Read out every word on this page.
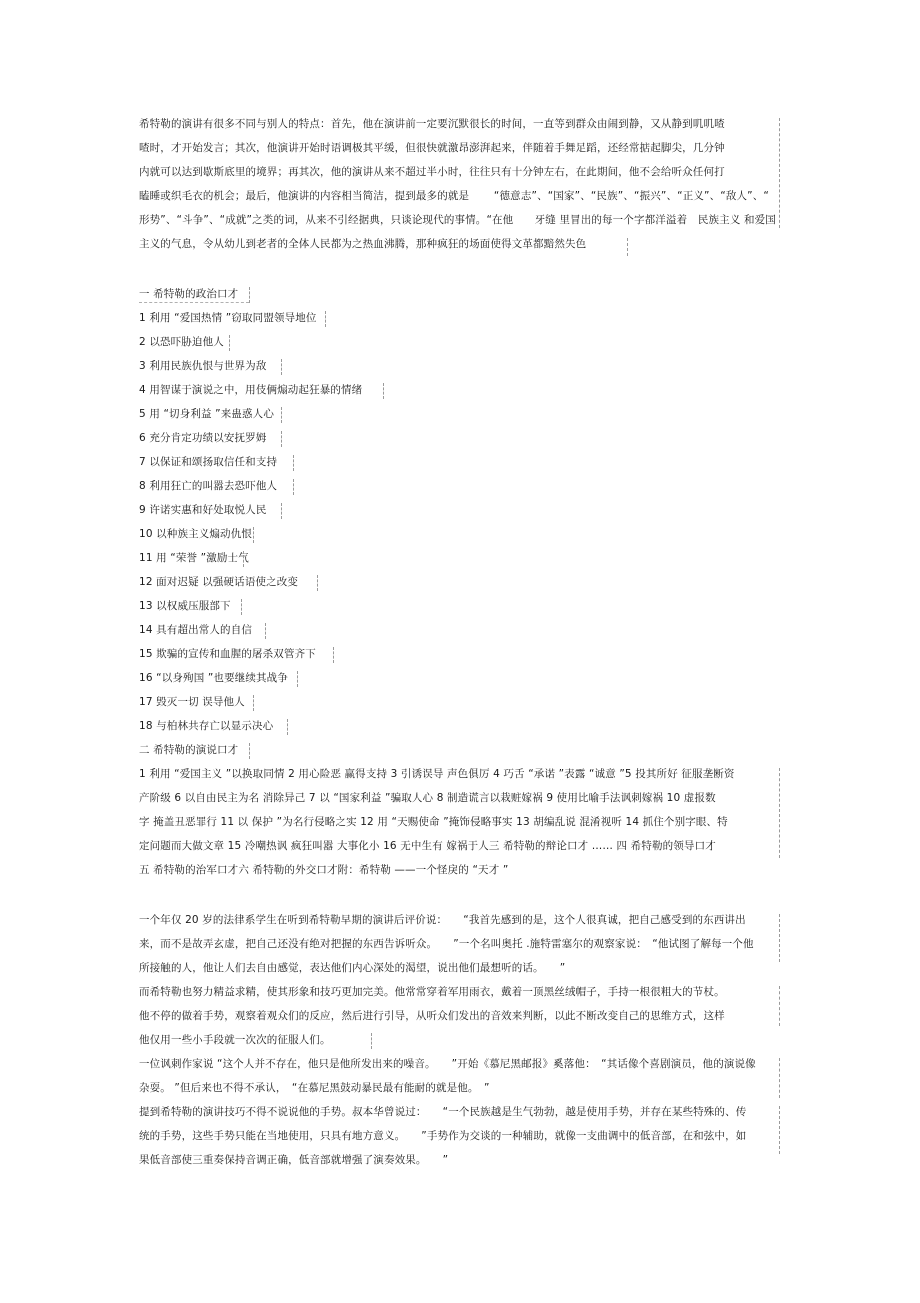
希特勒的演讲有很多不同与别人的特点：首先，他在演讲前一定要沉默很长的时间，一直等到群众由闹到静，又从静到叽叽喳
喳时，才开始发言；其次，他演讲开始时语调极其平缓，但很快就激昂澎湃起来，伴随着手舞足蹈，还经常掂起脚尖，几分钟
内就可以达到歇斯底里的境界；再其次，他的演讲从来不超过半小时，往往只有十分钟左右，在此期间，他不会给听众任何打
瞌睡或织毛衣的机会；最后，他演讲的内容相当简洁，提到最多的就是　　 “德意志”、“国家”、“民族”、“振兴”、“正义”、“敌人”、“
形势”、“斗争”、“成就”之类的词，从来不引经据典，只谈论现代的事情。“在他　　牙缝 里冒出的每一个字都洋溢着　民族主义 和爱国
主义的气息，令从幼儿到老者的全体人民都为之热血沸腾，那种疯狂的场面使得文革都黯然失色
一 希特勒的政治口才
1 利用 “爱国热情 ”窃取同盟领导地位
2 以恐吓胁迫他人
3 利用民族仇恨与世界为敌
4 用智谋于演说之中，用伎俩煽动起狂暴的情绪
5 用 “切身利益 ”来蛊惑人心
6 充分肯定功绩以安抚罗姆
7 以保证和颂扬取信任和支持
8 利用狂亡的叫嚣去恐吓他人
9 许诺实惠和好处取悦人民
10 以种族主义煽动仇恨
11 用 “荣誉 ”激励士气
12 面对迟疑 以强硬话语使之改变
13 以权威压服部下
14 具有超出常人的自信
15 欺骗的宣传和血腥的屠杀双管齐下
16 “以身殉国 ”也要继续其战争
17 毁灭一切 误导他人
18 与柏林共存亡以显示决心
二 希特勒的演说口才
1 利用 “爱国主义 ”以换取同情 2 用心险恶 赢得支持 3 引诱误导 声色俱厉 4 巧舌 “承诺 ”表露 “诚意 ”5 投其所好 征服垄断资
产阶级 6 以自由民主为名 消除异己 7 以 “国家利益 ”骗取人心 8 制造谎言以栽赃嫁祸 9 使用比喻手法讽刺嫁祸 10 虚报数
字 掩盖丑恶罪行 11 以 保护 ”为名行侵略之实 12 用 “天赐使命 ”掩饰侵略事实 13 胡编乱说 混淆视听 14 抓住个别字眼、特
定问题而大做文章 15 冷嘲热讽 疯狂叫嚣 大事化小 16 无中生有 嫁祸于人三 希特勒的辩论口才 …… 四 希特勒的领导口才
五 希特勒的治军口才六 希特勒的外交口才附：希特勒 ——一个怪戾的 “天才 ”
一个年仅 20 岁的法律系学生在听到希特勒早期的演讲后评价说：　　“我首先感到的是，这个人很真诚，把自己感受到的东西讲出
来，而不是故弄玄虚，把自己还没有绝对把握的东西告诉听众。　　”一个名叫奥托 .施特雷塞尔的观察家说：　“他试图了解每一个他
所接触的人，他让人们去自由感觉，表达他们内心深处的渴望，说出他们最想听的话。　　”
而希特勒也努力精益求精，使其形象和技巧更加完美。他常常穿着军用雨衣，戴着一顶黑丝绒帽子，手持一根很粗大的节杖。
他不停的做着手势，观察着观众们的反应，然后进行引导，从听众们发出的音效来判断，以此不断改变自己的思维方式，这样
他仅用一些小手段就一次次的征服人们。
一位讽刺作家说 “这个人并不存在，他只是他所发出来的噪音。　　”开始《慕尼黑邮报》奚落他：　“其话像个喜剧演员，他的演说像
杂耍。 ”但后来也不得不承认，　“在慕尼黑鼓动暴民最有能耐的就是他。　”
提到希特勒的演讲技巧不得不说说他的手势。叔本华曾说过：　　“一个民族越是生气勃勃，越是使用手势，并存在某些特殊的、传
统的手势，这些手势只能在当地使用，只具有地方意义。　　”手势作为交谈的一种辅助，就像一支曲调中的低音部，在和弦中，如
果低音部使三重奏保持音调正确，低音部就增强了演奏效果。　　”
